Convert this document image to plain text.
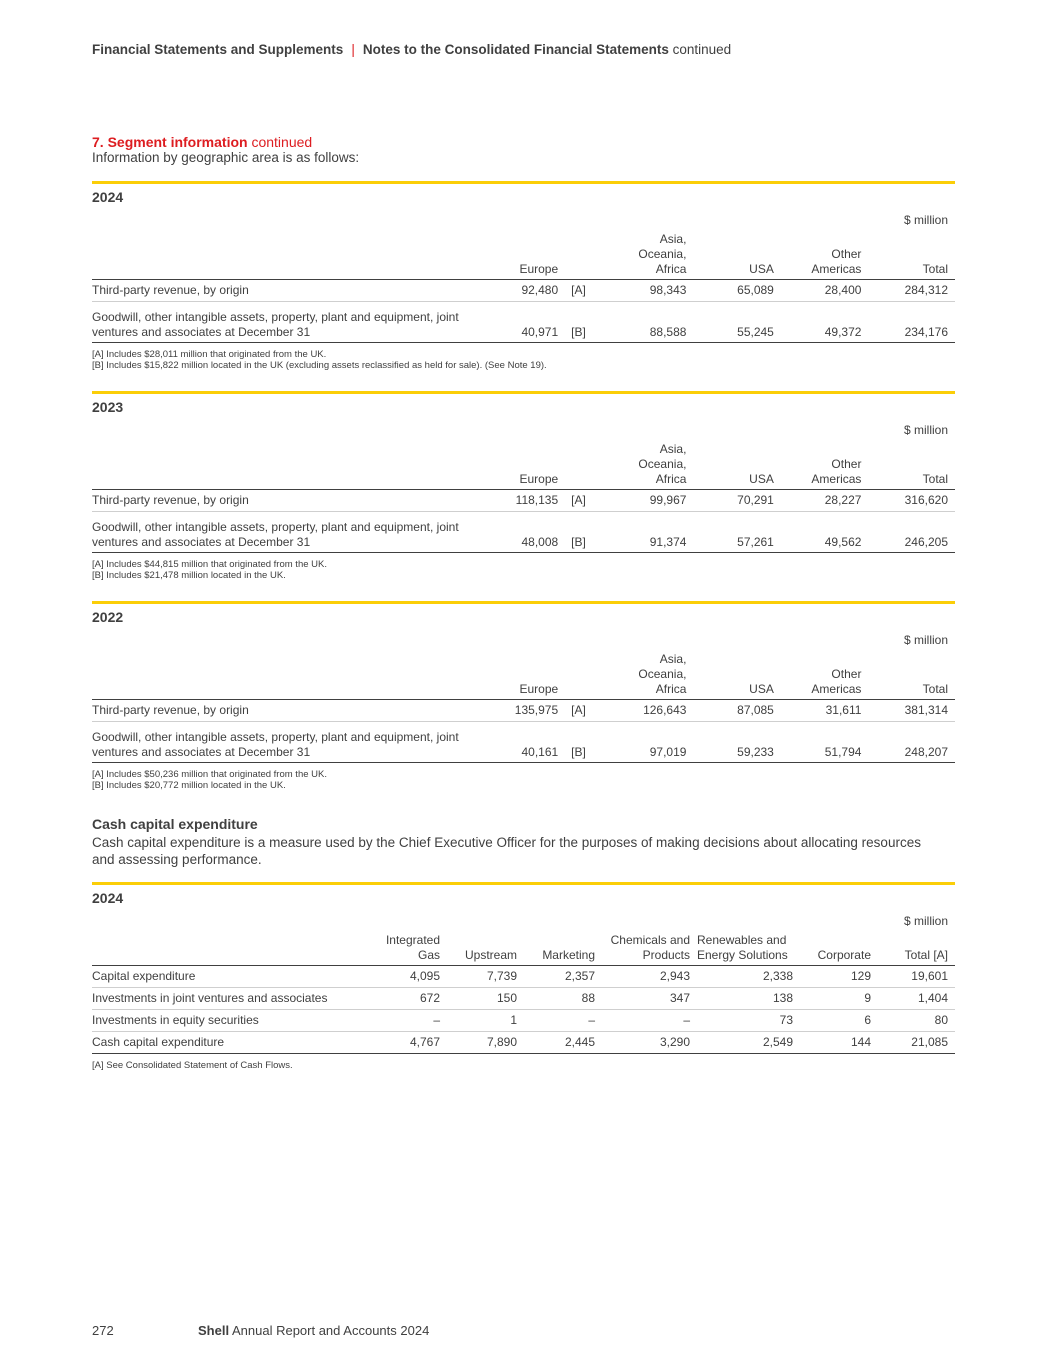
Financial Statements and Supplements | Notes to the Consolidated Financial Statements continued
7. Segment information continued
Information by geographic area is as follows:
2024
						$ million
	Europe		Asia,
Oceania,
Africa	USA	Other
Americas	Total
Third-party revenue, by origin	92,480	[A]	98,343	65,089	28,400	284,312
Goodwill, other intangible assets, property, plant and equipment, joint ventures and associates at December 31	40,971	[B]	88,588	55,245	49,372	234,176
[A] Includes $28,011 million that originated from the UK.
[B] Includes $15,822 million located in the UK (excluding assets reclassified as held for sale). (See Note 19).
2023
						$ million
	Europe		Asia,
Oceania,
Africa	USA	Other
Americas	Total
Third-party revenue, by origin	118,135	[A]	99,967	70,291	28,227	316,620
Goodwill, other intangible assets, property, plant and equipment, joint ventures and associates at December 31	48,008	[B]	91,374	57,261	49,562	246,205
[A] Includes $44,815 million that originated from the UK.
[B] Includes $21,478 million located in the UK.
2022
						$ million
	Europe		Asia,
Oceania,
Africa	USA	Other
Americas	Total
Third-party revenue, by origin	135,975	[A]	126,643	87,085	31,611	381,314
Goodwill, other intangible assets, property, plant and equipment, joint ventures and associates at December 31	40,161	[B]	97,019	59,233	51,794	248,207
[A] Includes $50,236 million that originated from the UK.
[B] Includes $20,772 million located in the UK.
Cash capital expenditure
Cash capital expenditure is a measure used by the Chief Executive Officer for the purposes of making decisions about allocating resources and assessing performance.
2024
							$ million
	Integrated
Gas	Upstream	Marketing	Chemicals and
Products	Renewables and
Energy Solutions	Corporate	Total [A]
Capital expenditure	4,095	7,739	2,357	2,943	2,338	129	19,601
Investments in joint ventures and associates	672	150	88	347	138	9	1,404
Investments in equity securities	–	1	–	–	73	6	80
Cash capital expenditure	4,767	7,890	2,445	3,290	2,549	144	21,085
[A] See Consolidated Statement of Cash Flows.
272	Shell Annual Report and Accounts 2024
